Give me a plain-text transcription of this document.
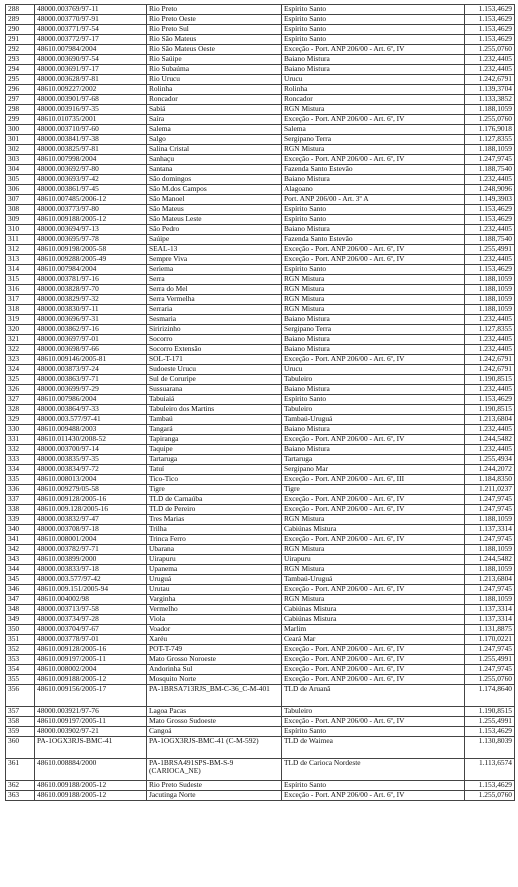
288	48000.003769/97-11	Rio Preto	Espírito Santo	1.153,4629
289	48000.003770/97-91	Rio Preto Oeste	Espírito Santo	1.153,4629
290	48000.003771/97-54	Rio Preto Sul	Espírito Santo	1.153,4629
291	48000.003772/97-17	Rio São Mateus	Espírito Santo	1.153,4629
292	48610.007984/2004	Rio São Mateus Oeste	Exceção - Port. ANP 206/00 - Art. 6º, IV	1.255,0760
293	48000.003690/97-54	Rio Saúipe	Baiano Mistura	1.232,4405
294	48000.003691/97-17	Rio Subaúma	Baiano Mistura	1.232,4405
295	48000.003628/97-81	Rio Urucu	Urucu	1.242,6791
296	48610.009227/2002	Rolinha	Rolinha	1.139,3704
297	48000.003901/97-68	Roncador	Roncador	1.133,3852
298	48000.003916/97-35	Sabiá	RGN Mistura	1.188,1059
299	48610.010735/2001	Saíra	Exceção - Port. ANP 206/00 - Art. 6º, IV	1.255,0760
300	48000.003710/97-60	Salema	Salema	1.176,9018
301	48000.003841/97-38	Salgo	Sergipano Terra	1.127,8355
302	48000.003825/97-81	Salina Cristal	RGN Mistura	1.188,1059
303	48610.007998/2004	Sanhaçu	Exceção - Port. ANP 206/00 - Art. 6º, IV	1.247,9745
304	48000.003692/97-80	Santana	Fazenda Santo Estevão	1.188,7540
305	48000.003693/97-42	São domingos	Baiano Mistura	1.232,4405
306	48000.003861/97-45	São M.dos Campos	Alagoano	1.248,9096
307	48610.007485/2006-12	São Manoel	Port. ANP 206/00 - Art. 3º A	1.149,3903
308	48000.003773/97-80	São Mateus	Espírito Santo	1.153,4629
309	48610.009188/2005-12	São Mateus Leste	Espírito Santo	1.153,4629
310	48000.003694/97-13	São Pedro	Baiano Mistura	1.232,4405
311	48000.003695/97-78	Saúipe	Fazenda Santo Estevão	1.188,7540
312	48610.009198/2005-58	SEAL-13	Exceção - Port. ANP 206/00 - Art. 6º, IV	1.255,4991
313	48610.009288/2005-49	Sempre Viva	Exceção - Port. ANP 206/00 - Art. 6º, IV	1.232,4405
314	48610.007984/2004	Seriema	Espírito Santo	1.153,4629
315	48000.003781/97-16	Serra	RGN Mistura	1.188,1059
316	48000.003828/97-70	Serra do Mel	RGN Mistura	1.188,1059
317	48000.003829/97-32	Serra Vermelha	RGN Mistura	1.188,1059
318	48000.003830/97-11	Serraria	RGN Mistura	1.188,1059
319	48000.003696/97-31	Sesmaria	Baiano Mistura	1.232,4405
320	48000.003862/97-16	Siririzinho	Sergipano Terra	1.127,8355
321	48000.003697/97-01	Socorro	Baiano Mistura	1.232,4405
322	48000.003698/97-66	Socorro Extensão	Baiano Mistura	1.232,4405
323	48610.009146/2005-81	SOL-T-171	Exceção - Port. ANP 206/00 - Art. 6º, IV	1.242,6791
324	48000.003873/97-24	Sudoeste Urucu	Urucu	1.242,6791
325	48000.003863/97-71	Sul de Coruripe	Tabuleiro	1.190,8515
326	48000.003699/97-29	Sussuarana	Baiano Mistura	1.232,4405
327	48610.007986/2004	Tabuiaiá	Espírito Santo	1.153,4629
328	48000.003864/97-33	Tabuleiro dos Martins	Tabuleiro	1.190,8515
329	48000.003.577/97-41	Tambaú	Tambaú-Uruguá	1.213,6804
330	48610.009488/2003	Tangará	Baiano Mistura	1.232,4405
331	48610.011430/2008-52	Tapiranga	Exceção - Port. ANP 206/00 - Art. 6º, IV	1.244,5482
332	48000.003700/97-14	Taquipe	Baiano Mistura	1.232,4405
333	48000.003835/97-35	Tartaruga	Tartaruga	1.255,4934
334	48000.003834/97-72	Tatuí	Sergipano Mar	1.244,2072
335	48610.008013/2004	Tico-Tico	Exceção - Port. ANP 206/00 - Art. 6º, III	1.184,8350
336	48610.009279/05-58	Tigre	Tigre	1.211,0237
337	48610.009128/2005-16	TLD de Carnaúba	Exceção - Port. ANP 206/00 - Art. 6º, IV	1.247,9745
338	48610.009.128/2005-16	TLD de Pereiro	Exceção - Port. ANP 206/00 - Art. 6º, IV	1.247,9745
339	48000.003832/97-47	Tres Marias	RGN Mistura	1.188,1059
340	48000.003708/97-18	Trilha	Cabiúnas Mistura	1.137,3314
341	48610.008001/2004	Trinca Ferro	Exceção - Port. ANP 206/00 - Art. 6º, IV	1.247,9745
342	48000.003782/97-71	Ubarana	RGN Mistura	1.188,1059
343	48610.003899/2000	Uirapuru	Uirapuru	1.244,5482
344	48000.003833/97-18	Upanema	RGN Mistura	1.188,1059
345	48000.003.577/97-42	Uruguá	Tambaú-Uruguá	1.213,6804
346	48610.009.151/2005-94	Urutau	Exceção - Port. ANP 206/00 - Art. 6º, IV	1.247,9745
347	48610.004002/98	Varginha	RGN Mistura	1.188,1059
348	48000.003713/97-58	Vermelho	Cabiúnas Mistura	1.137,3314
349	48000.003734/97-28	Viola	Cabiúnas Mistura	1.137,3314
350	48000.003704/97-67	Voador	Marlim	1.131,8875
351	48000.003778/97-01	Xaréu	Ceará Mar	1.170,0221
352	48610.009128/2005-16	POT-T-749	Exceção - Port. ANP 206/00 - Art. 6º, IV	1.247,9745
353	48610.009197/2005-11	Mato Grosso Noroeste	Exceção - Port. ANP 206/00 - Art. 6º, IV	1.255,4991
354	48610.008002/2004	Andorinha Sul	Exceção - Port. ANP 206/00 - Art. 6º, IV	1.247,9745
355	48610.009188/2005-12	Mosquito Norte	Exceção - Port. ANP 206/00 - Art. 6º, IV	1.255,0760
356	48610.009156/2005-17	PA-1BRSA713RJS_BM-C-36_C-M-401	TLD de Aruanã	1.174,8640
357	48000.003921/97-76	Lagoa Pacas	Tabuleiro	1.190,8515
358	48610.009197/2005-11	Mato Grosso Sudoeste	Exceção - Port. ANP 206/00 - Art. 6º, IV	1.255,4991
359	48000.003902/97-21	Cangoá	Espírito Santo	1.153,4629
360	PA-1OGX3RJS-BMC-41	PA-1OGX3RJS-BMC-41 (C-M-592)	TLD de Waimea	1.130,8039
361	48610.008884/2000	PA-1BRSA491SPS-BM-S-9 (CARIOCA_NE)	TLD de Carioca Nordeste	1.113,6574
362	48610.009188/2005-12	Rio Preto Sudeste	Espírito Santo	1.153,4629
363	48610.009188/2005-12	Jacutinga Norte	Exceção - Port. ANP 206/00 - Art. 6º, IV	1.255,0760
